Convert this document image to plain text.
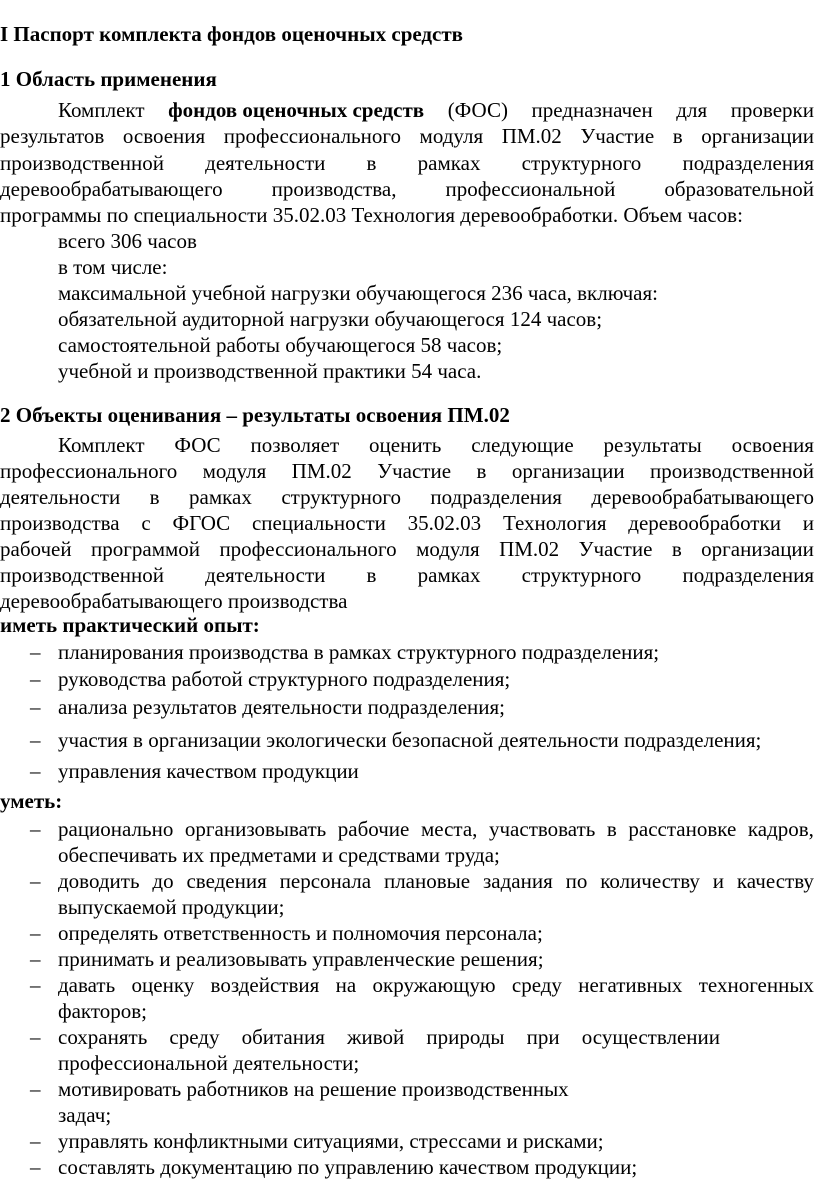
I Паспорт комплекта фондов оценочных средств
1 Область применения
Комплект фондов оценочных средств (ФОС) предназначен для проверки
результатов освоения профессионального модуля ПМ.02 Участие в организации
производственной деятельности в рамках структурного подразделения
деревообрабатывающего производства, профессиональной образовательной
программы по специальности 35.02.03 Технология деревообработки. Объем часов:
всего 306 часов
в том числе:
максимальной учебной нагрузки обучающегося 236 часа, включая:
обязательной аудиторной нагрузки обучающегося 124 часов;
самостоятельной работы обучающегося 58 часов;
учебной и производственной практики 54 часа.
2 Объекты оценивания – результаты освоения ПМ.02
Комплект ФОС позволяет оценить следующие результаты освоения
профессионального модуля ПМ.02 Участие в организации производственной
деятельности в рамках структурного подразделения деревообрабатывающего
производства с ФГОС специальности 35.02.03 Технология деревообработки и
рабочей программой профессионального модуля ПМ.02 Участие в организации
производственной деятельности в рамках структурного подразделения
деревообрабатывающего производства
иметь практический опыт:
– планирования производства в рамках структурного подразделения;
– руководства работой структурного подразделения;
– анализа результатов деятельности подразделения;
– участия в организации экологически безопасной деятельности подразделения;
– управления качеством продукции
уметь:
– рационально организовывать рабочие места, участвовать в расстановке кадров,
обеспечивать их предметами и средствами труда;
– доводить до сведения персонала плановые задания по количеству и качеству
выпускаемой продукции;
– определять ответственность и полномочия персонала;
– принимать и реализовывать управленческие решения;
– давать оценку воздействия на окружающую среду негативных техногенных
факторов;
– сохранять среду обитания живой природы при осуществлении
профессиональной деятельности;
– мотивировать работников на решение производственных
задач;
– управлять конфликтными ситуациями, стрессами и рисками;
– составлять документацию по управлению качеством продукции;
